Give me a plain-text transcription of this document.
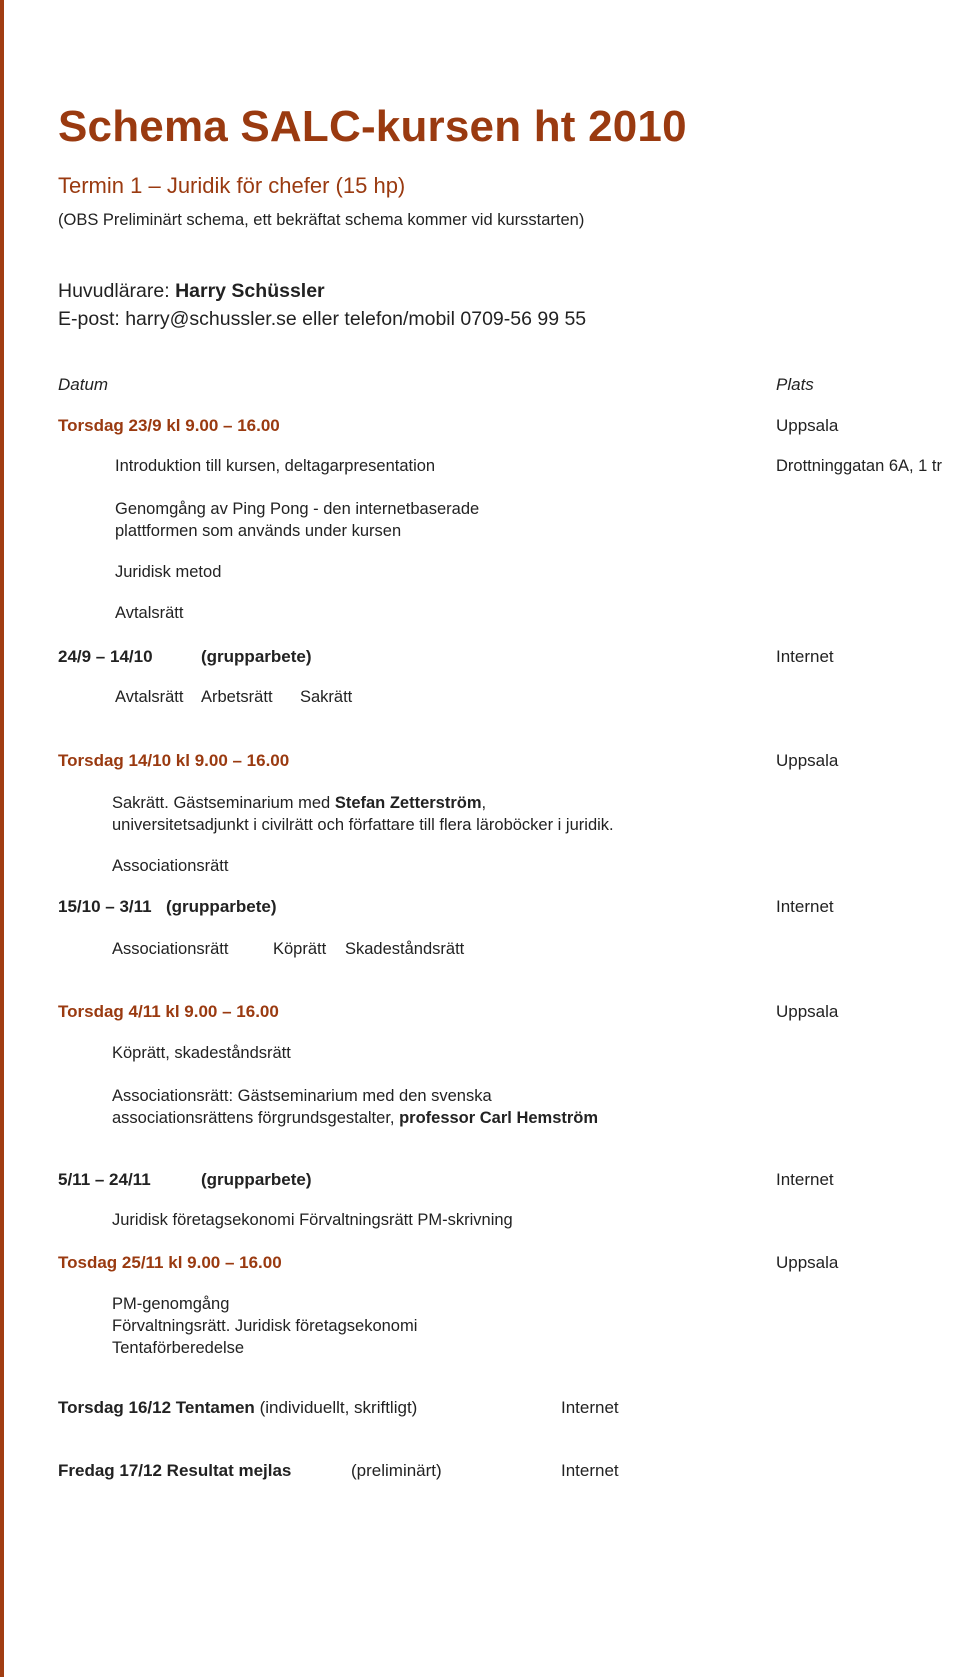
Schema SALC-kursen ht 2010
Termin 1 – Juridik för chefer (15 hp)
(OBS Preliminärt schema, ett bekräftat schema kommer vid kursstarten)
Huvudlärare: Harry Schüssler
E-post: harry@schussler.se eller telefon/mobil 0709-56 99 55
Datum	Plats
Torsdag 23/9 kl 9.00 – 16.00	Uppsala
Introduktion till kursen, deltagarpresentation	Drottninggatan 6A, 1 tr
Genomgång av Ping Pong - den internetbaserade
plattformen som används under kursen
Juridisk metod
Avtalsrätt
24/9 – 14/10	(grupparbete)	Internet
Avtalsrätt Arbetsrätt Sakrätt
Torsdag 14/10 kl 9.00 – 16.00	Uppsala
Sakrätt. Gästseminarium med Stefan Zetterström,
universitetsadjunkt i civilrätt och författare till flera läroböcker i juridik.
Associationsrätt
15/10 – 3/11 (grupparbete)	Internet
Associationsrätt	Köprätt Skadeståndsrätt
Torsdag 4/11 kl 9.00 – 16.00	Uppsala
Köprätt, skadeståndsrätt
Associationsrätt: Gästseminarium med den svenska
associationsrättens förgrundsgestalter, professor Carl Hemström
5/11 – 24/11	(grupparbete)	Internet
Juridisk företagsekonomi Förvaltningsrätt PM-skrivning
Tosdag 25/11 kl 9.00 – 16.00	Uppsala
PM-genomgång
Förvaltningsrätt. Juridisk företagsekonomi
Tentaförberedelse
Torsdag 16/12 Tentamen (individuellt, skriftligt)	Internet
Fredag 17/12 Resultat mejlas	(preliminärt)	Internet
